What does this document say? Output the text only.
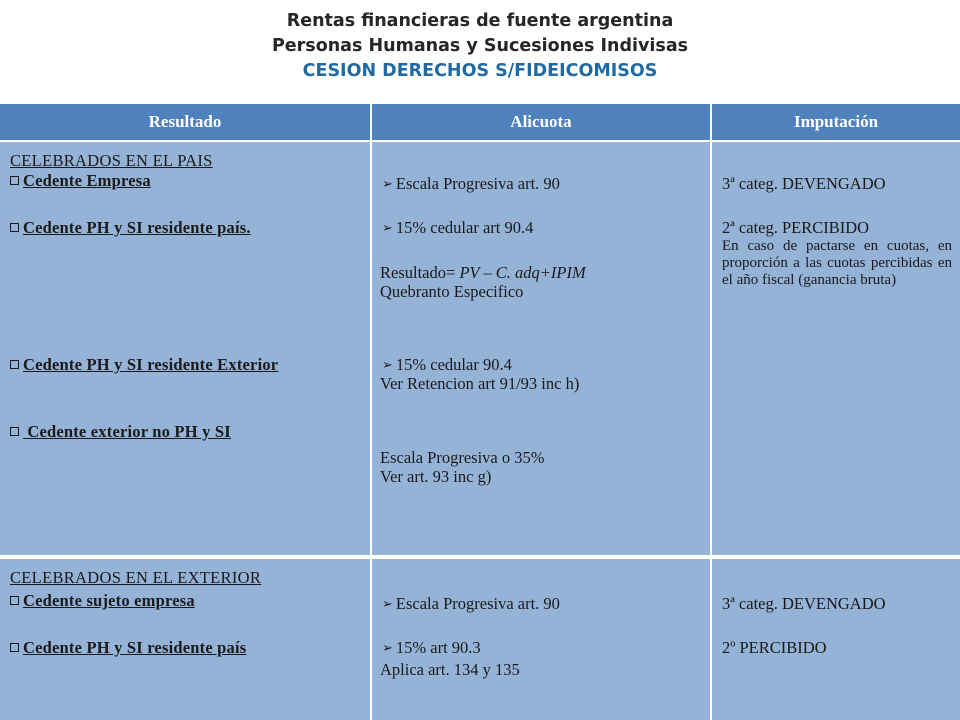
Rentas financieras de fuente argentina
Personas Humanas y Sucesiones Indivisas
CESION DERECHOS S/FIDEICOMISOS
Resultado	Alicuota	Imputación
CELEBRADOS EN EL PAIS
Cedente Empresa
Cedente PH y SI residente país.
Cedente PH y SI residente Exterior
Cedente exterior no PH y SI
➢ Escala Progresiva art. 90
➢ 15% cedular art 90.4
Resultado= PV – C. adq+IPIM
Quebranto Especifico
➢ 15% cedular 90.4
Ver Retencion art 91/93 inc h)
Escala Progresiva o 35%
Ver art. 93 inc g)
3ª categ. DEVENGADO
2ª categ. PERCIBIDO
En caso de pactarse en cuotas, en proporción a las cuotas percibidas en el año fiscal (ganancia bruta)
CELEBRADOS EN EL EXTERIOR
Cedente sujeto empresa
Cedente PH y SI residente país
➢ Escala Progresiva art. 90
➢ 15% art 90.3
Aplica art. 134 y 135
3ª categ. DEVENGADO
2º PERCIBIDO
